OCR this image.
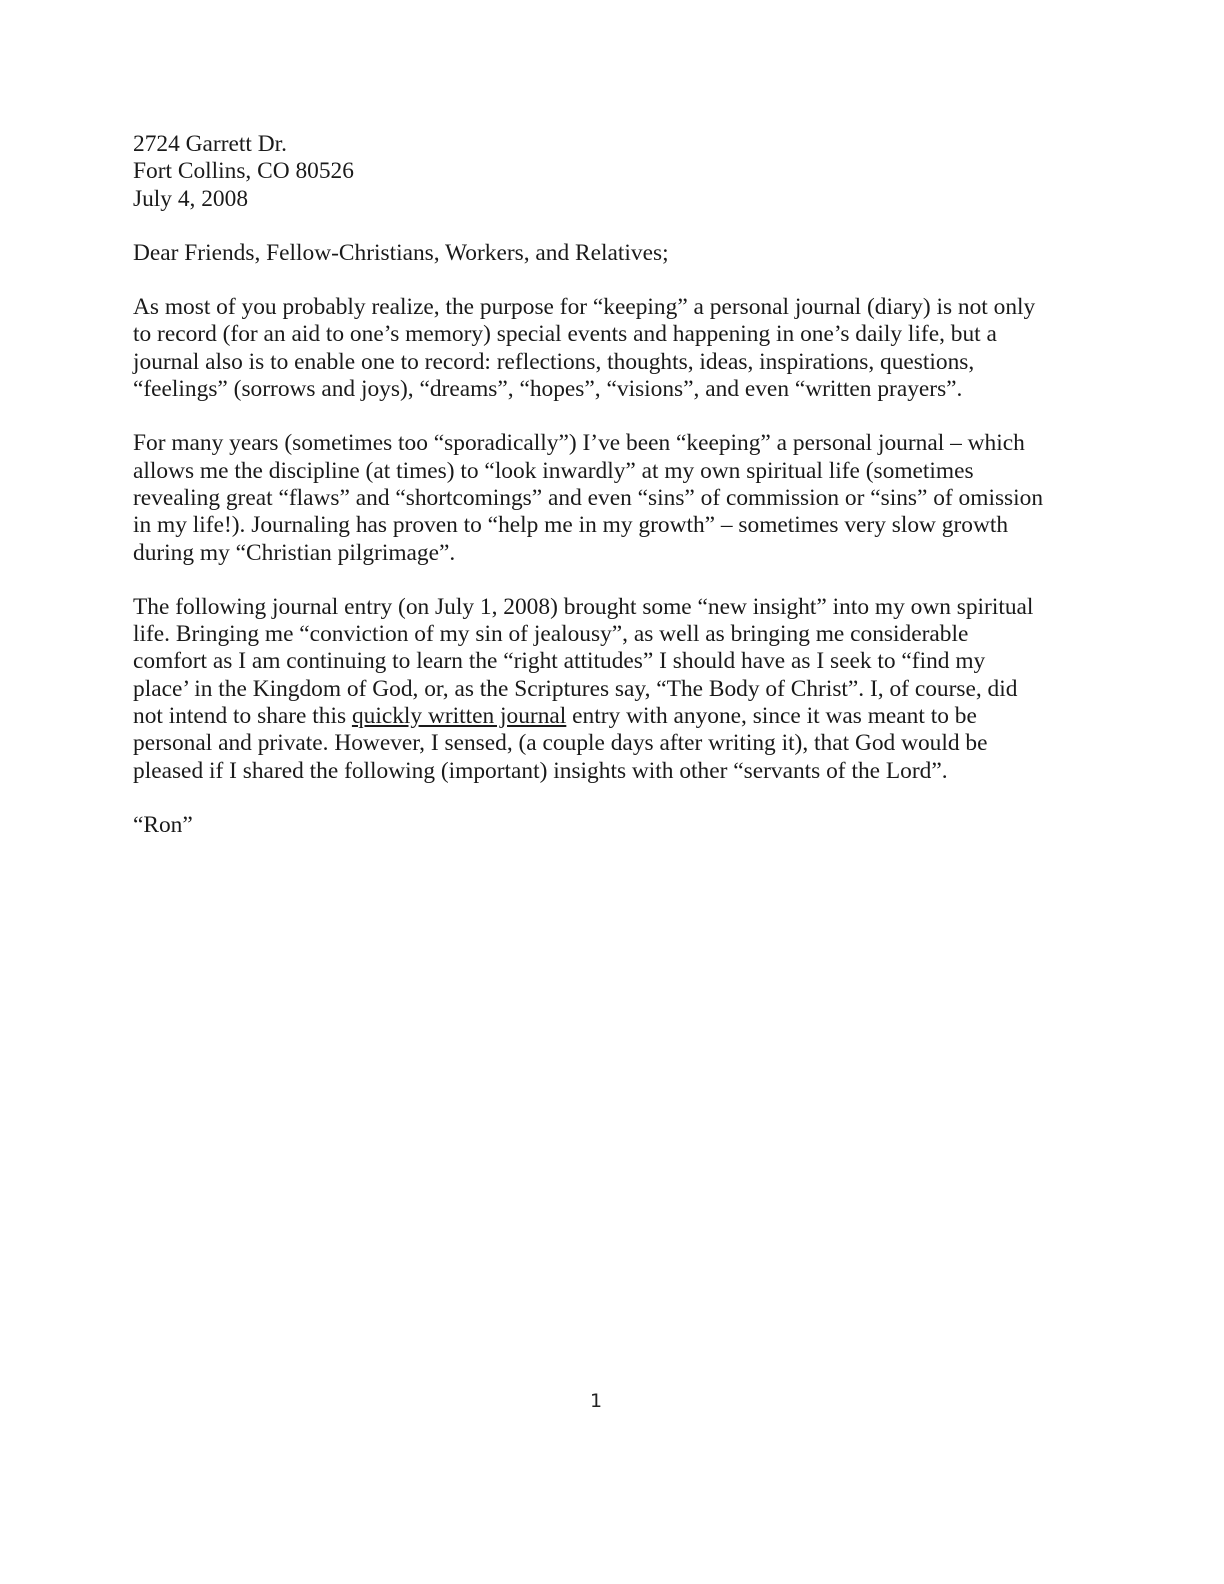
2724 Garrett Dr.
Fort Collins, CO 80526
July 4, 2008
Dear Friends, Fellow-Christians, Workers, and Relatives;

As most of you probably realize, the purpose for “keeping” a personal journal (diary) is not only
to record (for an aid to one’s memory) special events and happening in one’s daily life, but a
journal also is to enable one to record: reflections, thoughts, ideas, inspirations, questions,
“feelings” (sorrows and joys), “dreams”, “hopes”, “visions”, and even “written prayers”.

For many years (sometimes too “sporadically”) I’ve been “keeping” a personal journal – which
allows me the discipline (at times) to “look inwardly” at my own spiritual life (sometimes
revealing great “flaws” and “shortcomings” and even “sins” of commission or “sins” of omission
in my life!). Journaling has proven to “help me in my growth” – sometimes very slow growth
during my “Christian pilgrimage”.

The following journal entry (on July 1, 2008) brought some “new insight” into my own spiritual
life. Bringing me “conviction of my sin of jealousy”, as well as bringing me considerable
comfort as I am continuing to learn the “right attitudes” I should have as I seek to “find my
place’ in the Kingdom of God, or, as the Scriptures say, “The Body of Christ”. I, of course, did
not intend to share this quickly written journal entry with anyone, since it was meant to be
personal and private. However, I sensed, (a couple days after writing it), that God would be
pleased if I shared the following (important) insights with other “servants of the Lord”.

“Ron”
1
